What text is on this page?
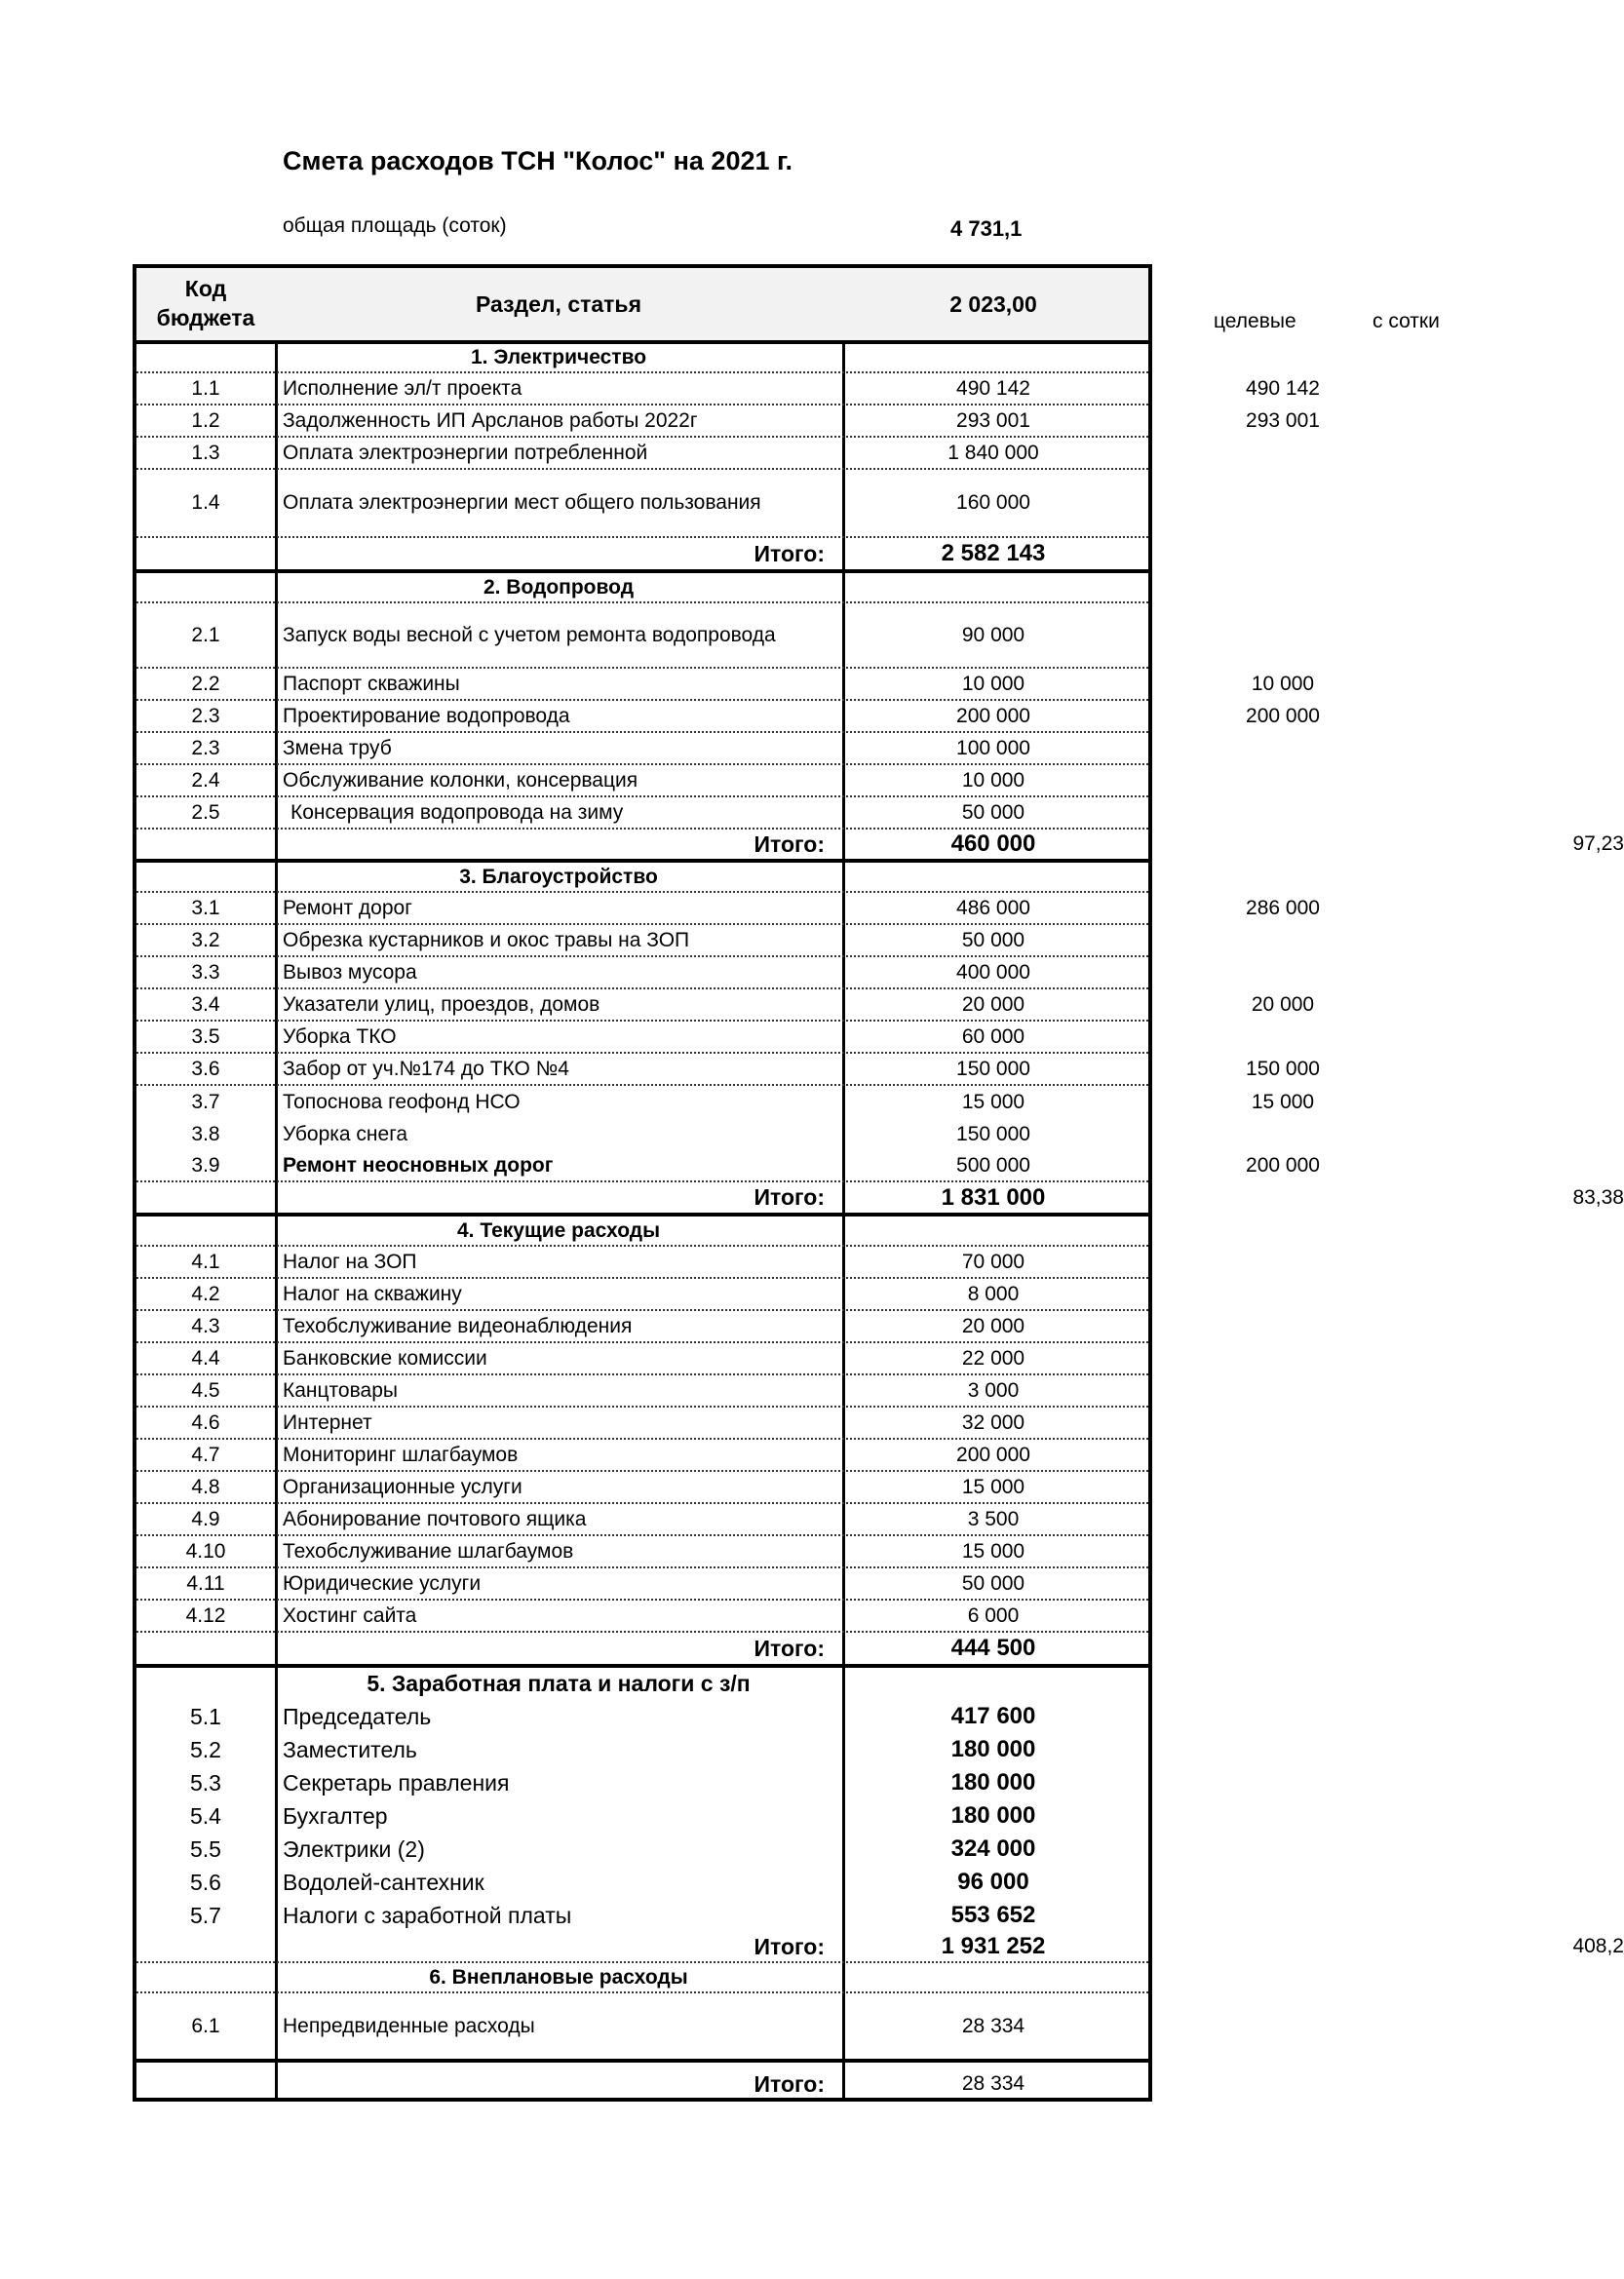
Смета расходов ТСН "Колос" на 2021 г.
общая площадь (соток)	4 731,1
целевые	с сотки
Код бюджета
Раздел, статья	2 023,00
1. Электричество
1.1	Исполнение эл/т проекта	490 142	490 142
1.2	Задолженность ИП Арсланов работы 2022г	293 001	293 001
1.3	Оплата электроэнергии потребленной	1 840 000
1.4	Оплата электроэнергии мест общего пользования	160 000
Итого:	2 582 143
2. Водопровод
2.1	Запуск воды весной с учетом ремонта водопровода	90 000
2.2	Паспорт скважины	10 000	10 000
2.3	Проектирование водопровода	200 000	200 000
2.3	Змена труб	100 000
2.4	Обслуживание колонки, консервация	10 000
2.5	Консервация водопровода на зиму	50 000
Итого:	460 000	97,23
3. Благоустройство
3.1	Ремонт дорог	486 000	286 000
3.2	Обрезка кустарников и окос травы на ЗОП	50 000
3.3	Вывоз мусора	400 000
3.4	Указатели улиц, проездов, домов	20 000	20 000
3.5	Уборка ТКО	60 000
3.6	Забор от уч.№174 до ТКО №4	150 000	150 000
3.7	Топоснова геофонд НСО	15 000	15 000
3.8	Уборка снега	150 000
3.9	Ремонт неосновных дорог	500 000	200 000
Итого:	1 831 000	83,38
4. Текущие расходы
4.1	Налог на ЗОП	70 000
4.2	Налог на скважину	8 000
4.3	Техобслуживание видеонаблюдения	20 000
4.4	Банковские комиссии	22 000
4.5	Канцтовары	3 000
4.6	Интернет	32 000
4.7	Мониторинг шлагбаумов	200 000
4.8	Организационные услуги	15 000
4.9	Абонирование почтового ящика	3 500
4.10	Техобслуживание шлагбаумов	15 000
4.11	Юридические услуги	50 000
4.12	Хостинг сайта	6 000
Итого:	444 500
5. Заработная плата и налоги с з/п
5.1	Председатель	417 600
5.2	Заместитель	180 000
5.3	Секретарь правления	180 000
5.4	Бухгалтер	180 000
5.5	Электрики (2)	324 000
5.6	Водолей-сантехник	96 000
5.7	Налоги с заработной платы	553 652
Итого:	1 931 252	408,2
6. Внеплановые расходы
6.1	Непредвиденные расходы	28 334
Итого:	28 334
